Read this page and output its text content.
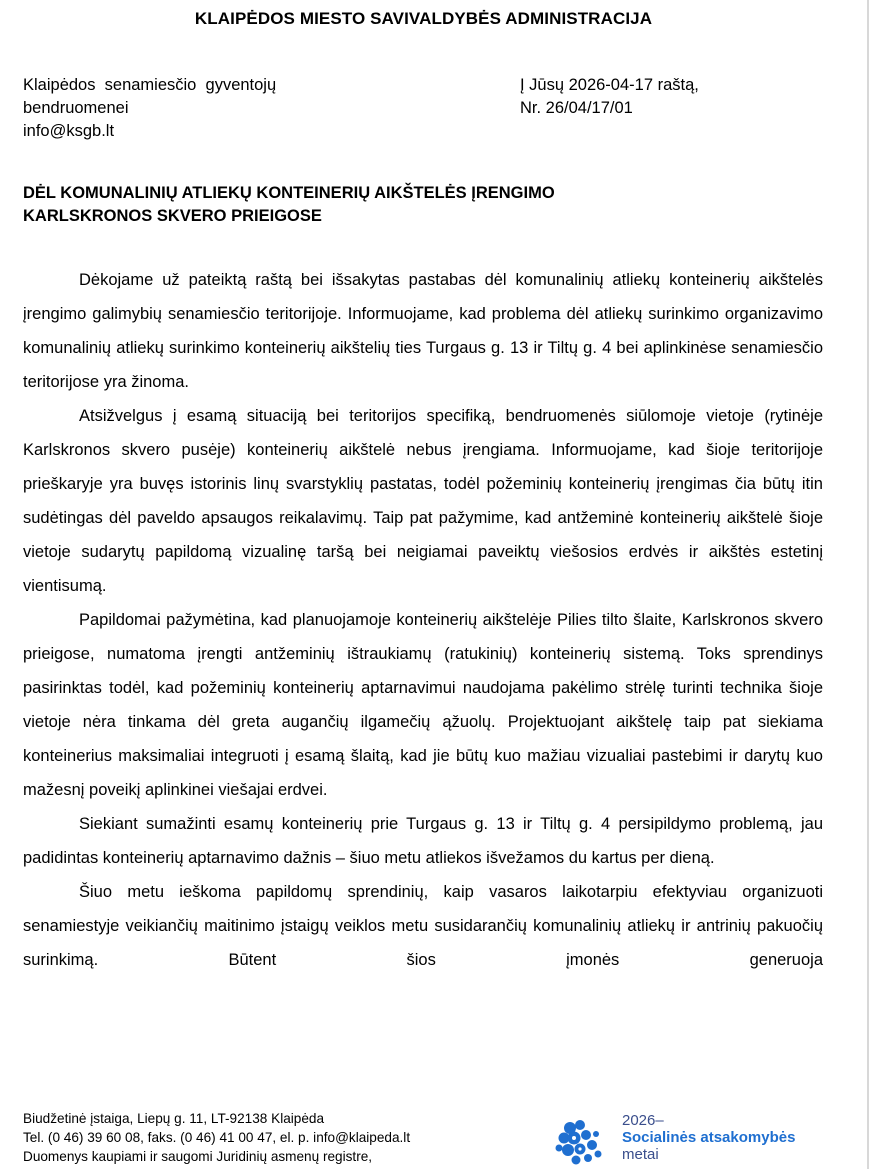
KLAIPĖDOS MIESTO SAVIVALDYBĖS ADMINISTRACIJA
Klaipėdos  senamiesčio  gyventojų
bendruomenei
info@ksgb.lt
Į Jūsų 2026-04-17 raštą,
Nr. 26/04/17/01
DĖL KOMUNALINIŲ ATLIEKŲ KONTEINERIŲ AIKŠTELĖS ĮRENGIMO
KARLSKRONOS SKVERO PRIEIGOSE

Dėkojame už pateiktą raštą bei išsakytas pastabas dėl komunalinių atliekų konteinerių aikštelės įrengimo galimybių senamiesčio teritorijoje. Informuojame, kad problema dėl atliekų surinkimo organizavimo komunalinių atliekų surinkimo konteinerių aikštelių ties Turgaus g. 13 ir Tiltų g. 4 bei aplinkinėse senamiesčio teritorijose yra žinoma.

Atsižvelgus į esamą situaciją bei teritorijos specifiką, bendruomenės siūlomoje vietoje (rytinėje Karlskronos skvero pusėje) konteinerių aikštelė nebus įrengiama. Informuojame, kad šioje teritorijoje prieškaryje yra buvęs istorinis linų svarstyklių pastatas, todėl požeminių konteinerių įrengimas čia būtų itin sudėtingas dėl paveldo apsaugos reikalavimų. Taip pat pažymime, kad antžeminė konteinerių aikštelė šioje vietoje sudarytų papildomą vizualinę taršą bei neigiamai paveiktų viešosios erdvės ir aikštės estetinį vientisumą.

Papildomai pažymėtina, kad planuojamoje konteinerių aikštelėje Pilies tilto šlaite, Karlskronos skvero prieigose, numatoma įrengti antžeminių ištraukiamų (ratukinių) konteinerių sistemą. Toks sprendinys pasirinktas todėl, kad požeminių konteinerių aptarnavimui naudojama pakėlimo strėlę turinti technika šioje vietoje nėra tinkama dėl greta augančių ilgamečių ąžuolų. Projektuojant aikštelę taip pat siekiama konteinerius maksimaliai integruoti į esamą šlaitą, kad jie būtų kuo mažiau vizualiai pastebimi ir darytų kuo mažesnį poveikį aplinkinei viešajai erdvei.

Siekiant sumažinti esamų konteinerių prie Turgaus g. 13 ir Tiltų g. 4 persipildymo problemą, jau padidintas konteinerių aptarnavimo dažnis – šiuo metu atliekos išvežamos du kartus per dieną.

Šiuo metu ieškoma papildomų sprendinių, kaip vasaros laikotarpiu efektyviau organizuoti senamiestyje veikiančių maitinimo įstaigų veiklos metu susidarančių komunalinių atliekų ir antrinių pakuočių surinkimą. Būtent šios įmonės generuoja

Biudžetinė įstaiga, Liepų g. 11, LT-92138 Klaipėda
Tel. (0 46) 39 60 08, faks. (0 46) 41 00 47, el. p. info@klaipeda.lt
Duomenys kaupiami ir saugomi Juridinių asmenų registre,
2026–
Socialinės atsakomybės
metai
